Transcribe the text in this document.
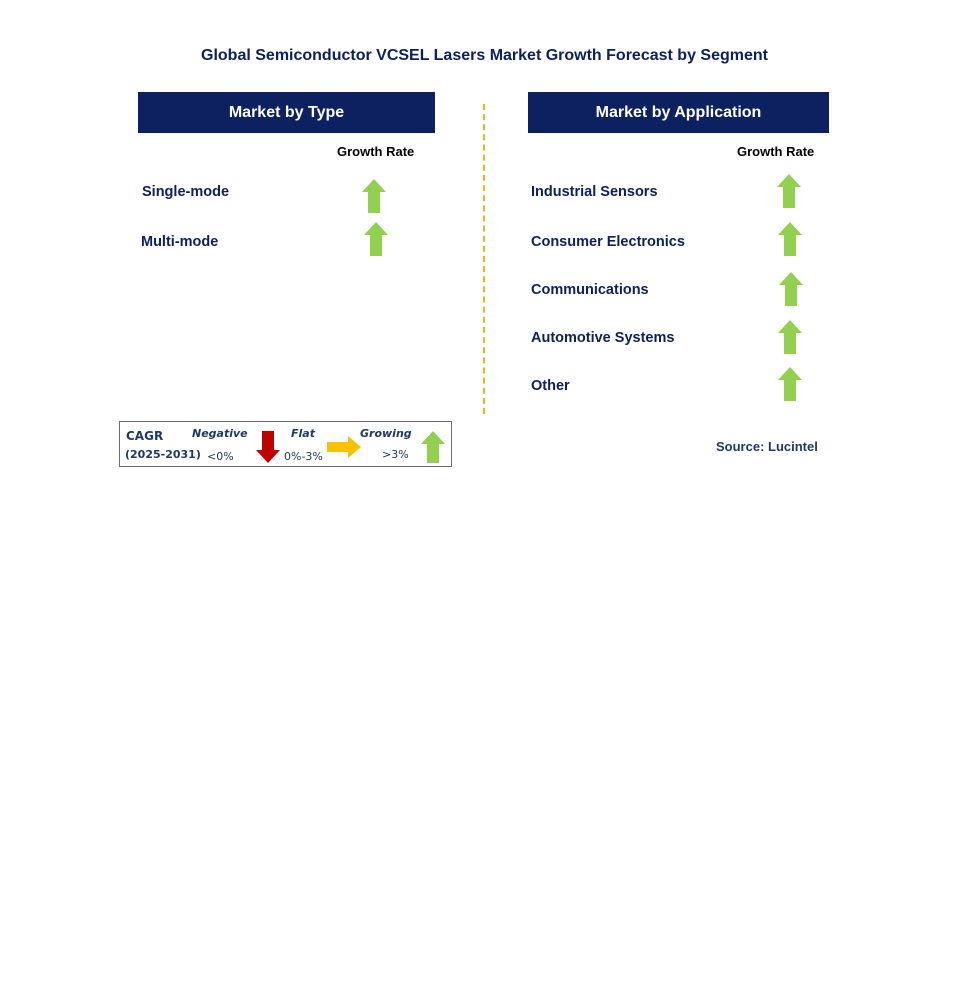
Global Semiconductor VCSEL Lasers Market Growth Forecast by Segment
Market by Type
Growth Rate
Single-mode
Multi-mode
Market by Application
Growth Rate
Industrial Sensors
Consumer Electronics
Communications
Automotive Systems
Other
CAGR
(2025-2031)
Negative
<0%
Flat
0%-3%
Growing
>3%
Source: Lucintel
